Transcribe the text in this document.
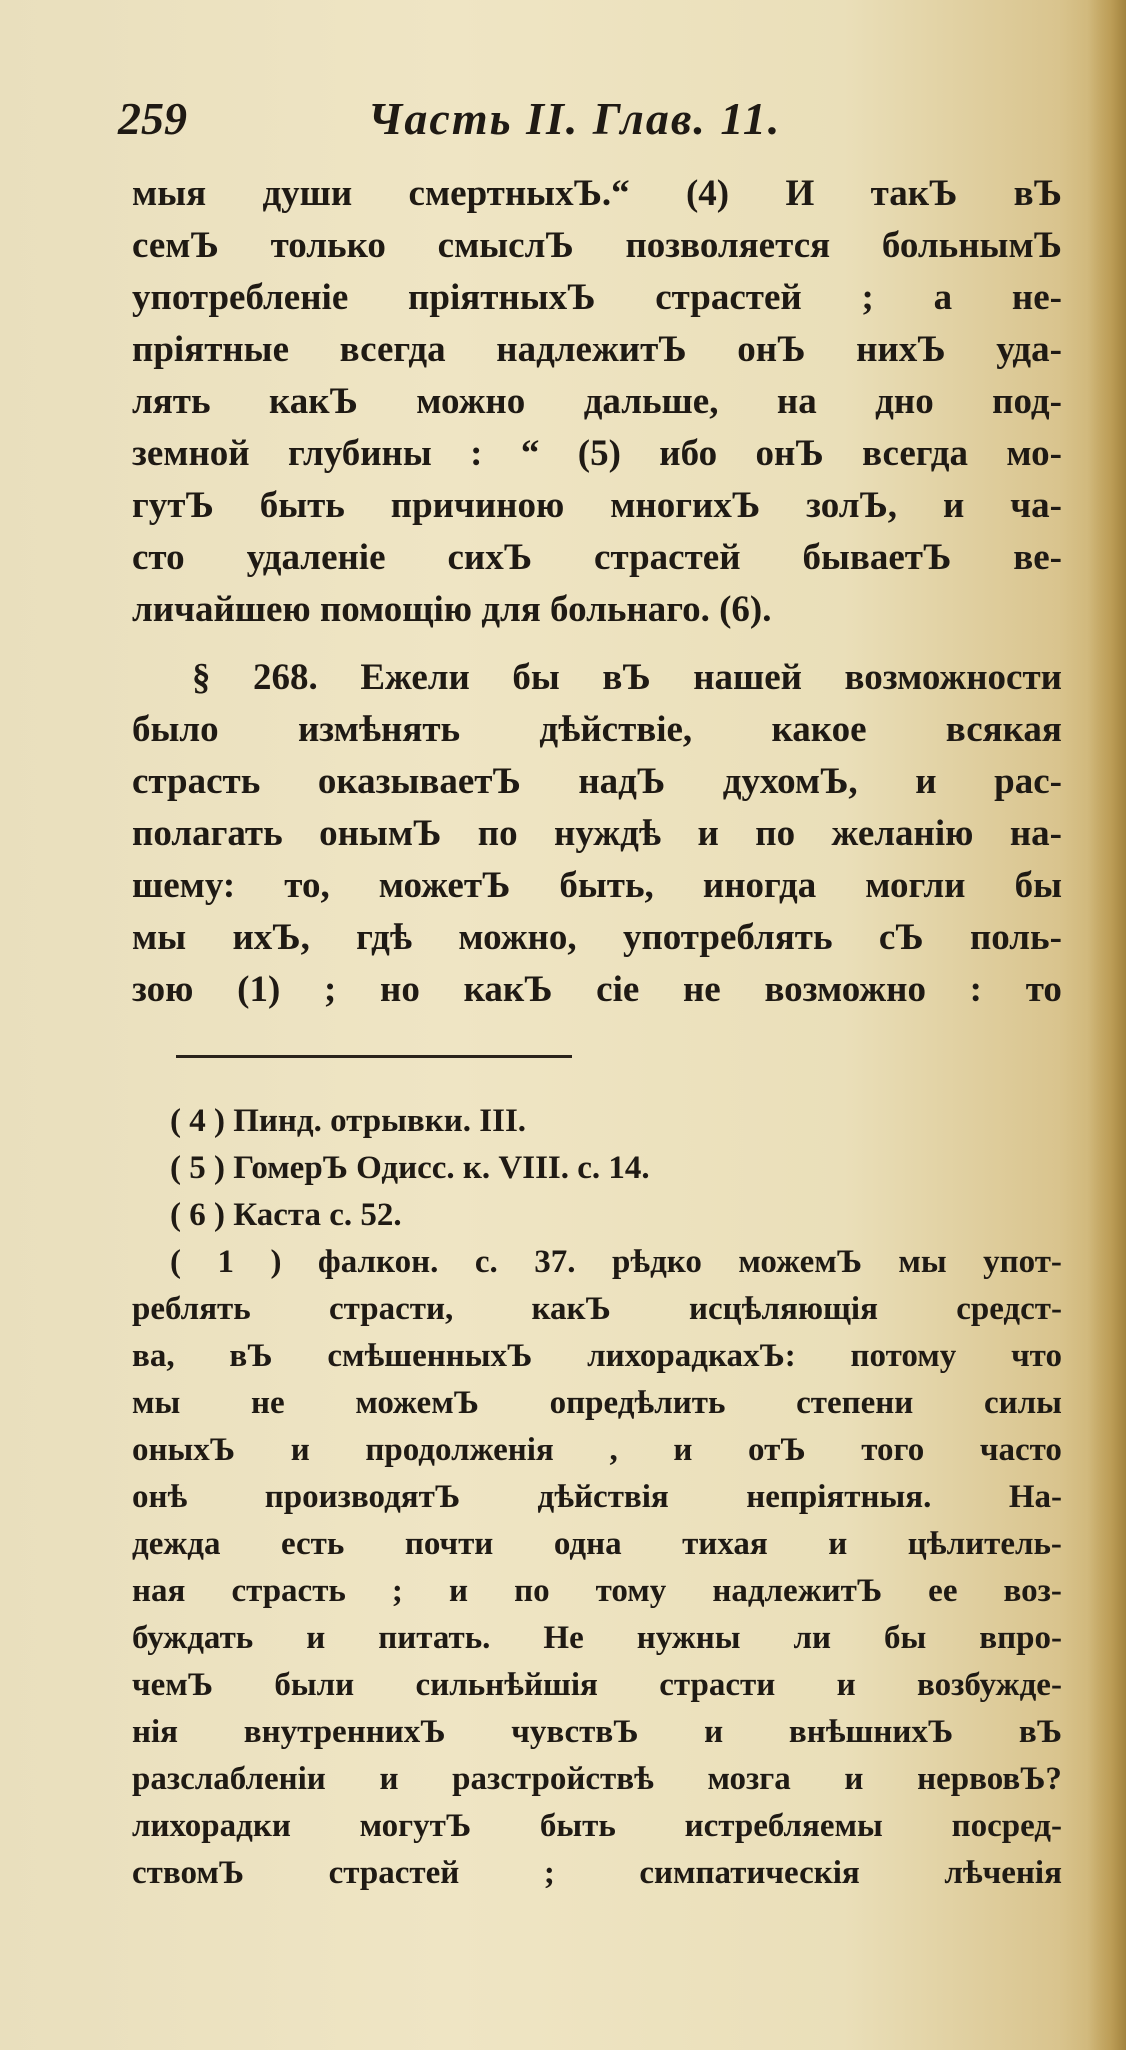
259	Часть II. Глав. 11.
мыя души смертныхЪ.“ (4) И такЪ вЪ
семЪ только смыслЪ позволяется больнымЪ
употребленіе пріятныхЪ страстей ; а не-
пріятные всегда надлежитЪ онЪ нихЪ уда-
лять какЪ можно дальше, на дно под-
земной глубины : “ (5) ибо онЪ всегда мо-
гутЪ быть причиною многихЪ золЪ, и ча-
сто удаленіе сихЪ страстей бываетЪ ве-
личайшею помощію для больнаго. (6).
§ 268. Ежели бы вЪ нашей возможности
было измѣнять дѣйствіе, какое всякая
страсть оказываетЪ надЪ духомЪ, и рас-
полагать онымЪ по нуждѣ и по желанію на-
шему: то, можетЪ быть, иногда могли бы
мы ихЪ, гдѣ можно, употреблять сЪ поль-
зою (1) ; но какЪ сіе не возможно : то
( 4 ) Пинд. отрывки. III.
( 5 ) ГомерЪ Одисс. к. VIII. с. 14.
( 6 ) Каста с. 52.
( 1 ) фалкон. с. 37. рѣдко можемЪ мы упот-
реблять страсти, какЪ исцѣляющія средст-
ва, вЪ смѣшенныхЪ лихорадкахЪ: потому что
мы не можемЪ опредѣлить степени силы
оныхЪ и продолженія , и отЪ того часто
онѣ производятЪ дѣйствія непріятныя. На-
дежда есть почти одна тихая и цѣлитель-
ная страсть ; и по тому надлежитЪ ее воз-
буждать и питать. Не нужны ли бы впро-
чемЪ были сильнѣйшія страсти и возбужде-
нія внутреннихЪ чувствЪ и внѣшнихЪ вЪ
разслабленіи и разстройствѣ мозга и нервовЪ?
лихорадки могутЪ быть истребляемы посред-
ствомЪ	страстей	;	симпатическія	лѣченія
